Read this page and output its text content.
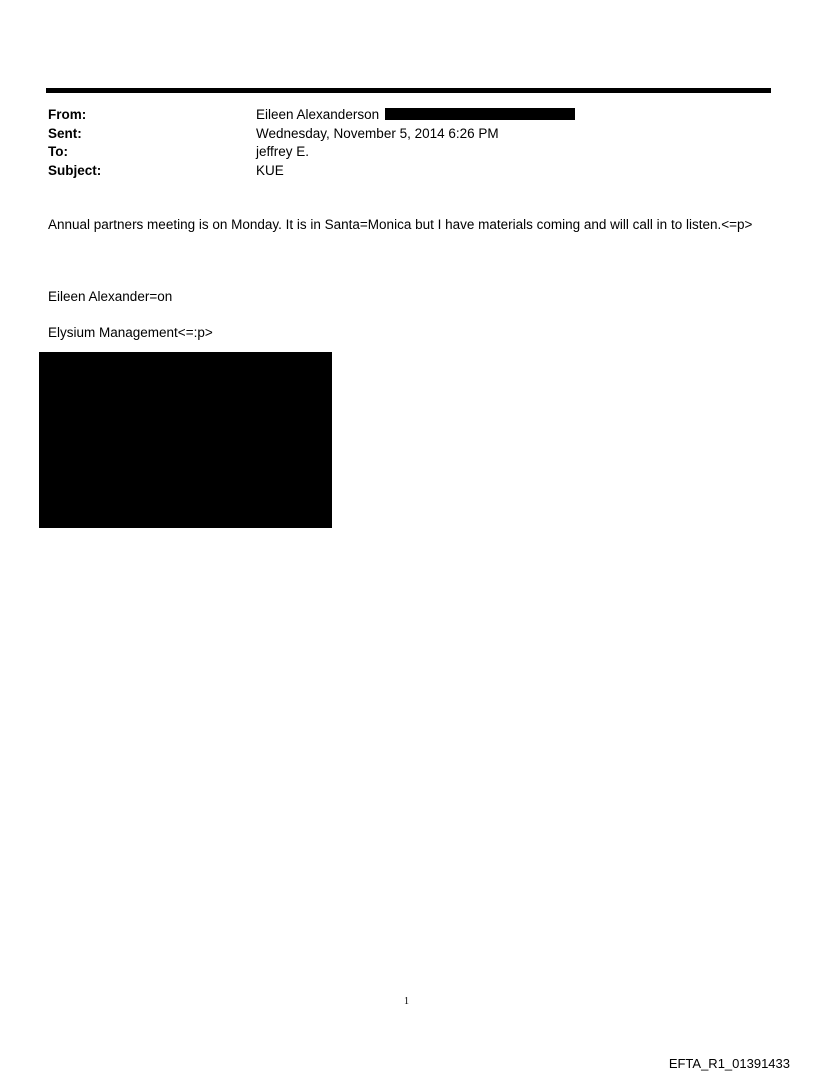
From:	Eileen Alexanderson
Sent:	Wednesday, November 5, 2014 6:26 PM
To:	jeffrey E.
Subject:	KUE
Annual partners meeting is on Monday. It is in Santa=Monica but I have materials coming and will call in to listen.<=p>
Eileen Alexander=on
Elysium Management<=:p>
1
EFTA_R1_01391433
